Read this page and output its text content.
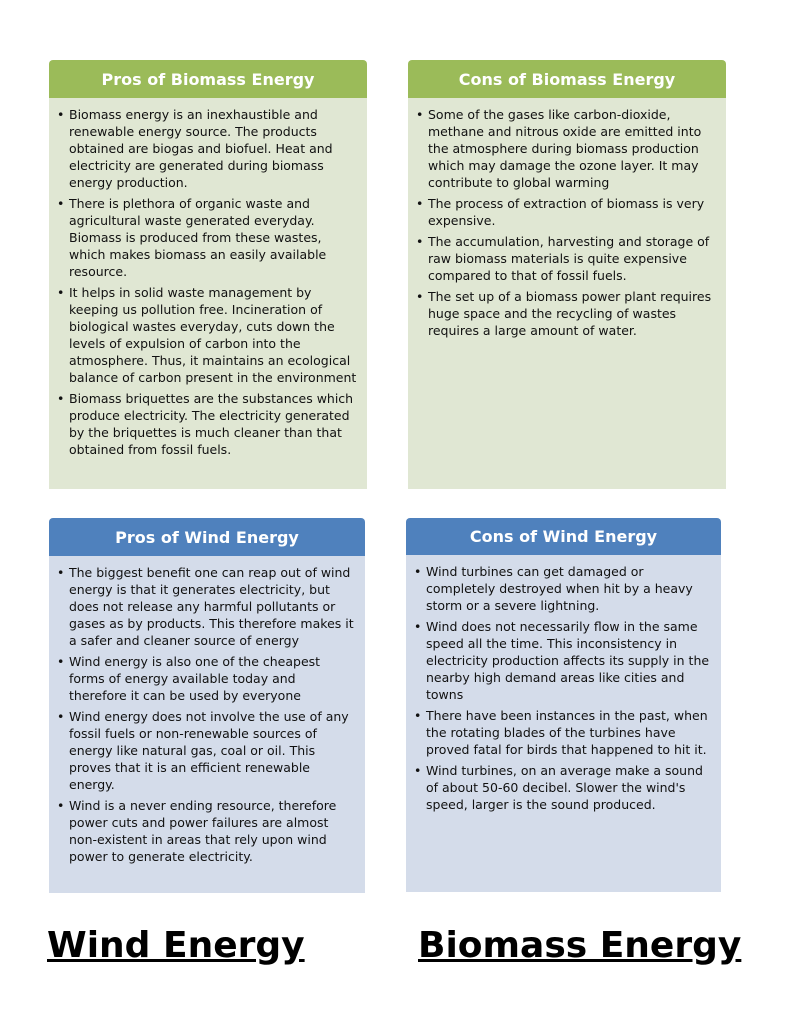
Pros of Biomass Energy
• Biomass energy is an inexhaustible and renewable energy source. The products obtained are biogas and biofuel. Heat and electricity are generated during biomass energy production.
• There is plethora of organic waste and agricultural waste generated everyday. Biomass is produced from these wastes, which makes biomass an easily available resource.
• It helps in solid waste management by keeping us pollution free. Incineration of biological wastes everyday, cuts down the levels of expulsion of carbon into the atmosphere. Thus, it maintains an ecological balance of carbon present in the environment
• Biomass briquettes are the substances which produce electricity. The electricity generated by the briquettes is much cleaner than that obtained from fossil fuels.
Cons of Biomass Energy
• Some of the gases like carbon-dioxide, methane and nitrous oxide are emitted into the atmosphere during biomass production which may damage the ozone layer. It may contribute to global warming
• The process of extraction of biomass is very expensive.
• The accumulation, harvesting and storage of raw biomass materials is quite expensive compared to that of fossil fuels.
• The set up of a biomass power plant requires huge space and the recycling of wastes requires a large amount of water.
Pros of Wind Energy
• The biggest benefit one can reap out of wind energy is that it generates electricity, but does not release any harmful pollutants or gases as by products. This therefore makes it a safer and cleaner source of energy
• Wind energy is also one of the cheapest forms of energy available today and therefore it can be used by everyone
• Wind energy does not involve the use of any fossil fuels or non-renewable sources of energy like natural gas, coal or oil. This proves that it is an efficient renewable energy.
• Wind is a never ending resource, therefore power cuts and power failures are almost non-existent in areas that rely upon wind power to generate electricity.
Cons of Wind Energy
• Wind turbines can get damaged or completely destroyed when hit by a heavy storm or a severe lightning.
• Wind does not necessarily flow in the same speed all the time. This inconsistency in electricity production affects its supply in the nearby high demand areas like cities and towns
• There have been instances in the past, when the rotating blades of the turbines have proved fatal for birds that happened to hit it.
• Wind turbines, on an average make a sound of about 50-60 decibel. Slower the wind's speed, larger is the sound produced.
Wind Energy	Biomass Energy
